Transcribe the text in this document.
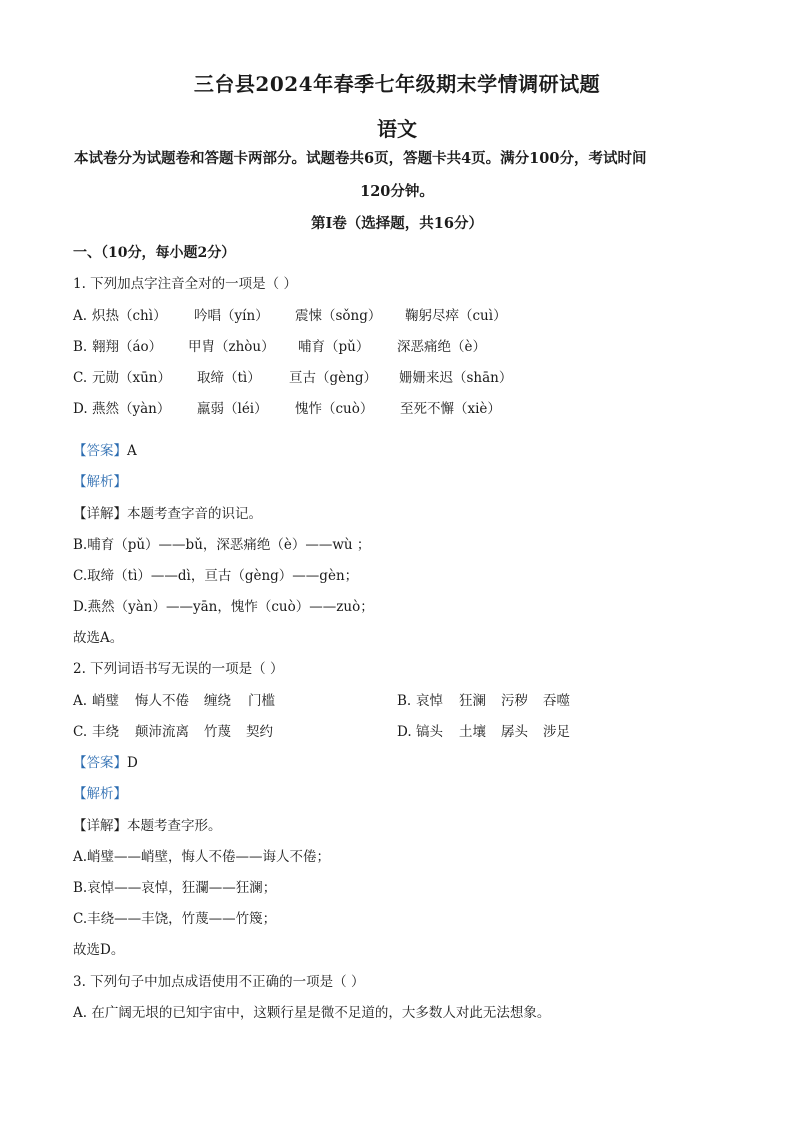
三台县2024年春季七年级期末学情调研试题
语文
本试卷分为试题卷和答题卡两部分。试题卷共6页，答题卡共4页。满分100分，考试时间
120分钟。
第Ⅰ卷（选择题，共16分）
一、（10分，每小题2分）
1. 下列加点字注音全对的一项是（ ）
A. 炽热（chì） 吟唱（yín） 震悚（sǒng） 鞠躬尽瘁（cuì）
B. 翱翔（áo） 甲胄（zhòu） 哺育（pǔ） 深恶痛绝（è）
C. 元勋（xūn） 取缔（tì） 亘古（gèng） 姗姗来迟（shān）
D. 燕然（yàn） 羸弱（léi） 愧怍（cuò） 至死不懈（xiè）
【答案】A
【解析】
【详解】本题考查字音的识记。
B.哺育（pǔ）——bǔ，深恶痛绝（è）——wù ；
C.取缔（tì）——dì，亘古（gèng）——gèn；
D.燕然（yàn）——yān，愧怍（cuò）——zuò；
故选A。
2. 下列词语书写无误的一项是（ ）
A. 峭璧 悔人不倦 缠绕 门槛	B. 哀悼 狂澜 污秽 吞噬
C. 丰绕 颠沛流离 竹蔑 契约	D. 镐头 土壤 孱头 涉足
【答案】D
【解析】
【详解】本题考查字形。
A.峭璧——峭壁，悔人不倦——诲人不倦；
B.哀悼——哀悼，狂瀾——狂澜；
C.丰绕——丰饶，竹蔑——竹篾；
故选D。
3. 下列句子中加点成语使用不正确的一项是（ ）
A. 在广阔无垠的已知宇宙中，这颗行星是微不足道的，大多数人对此无法想象。
